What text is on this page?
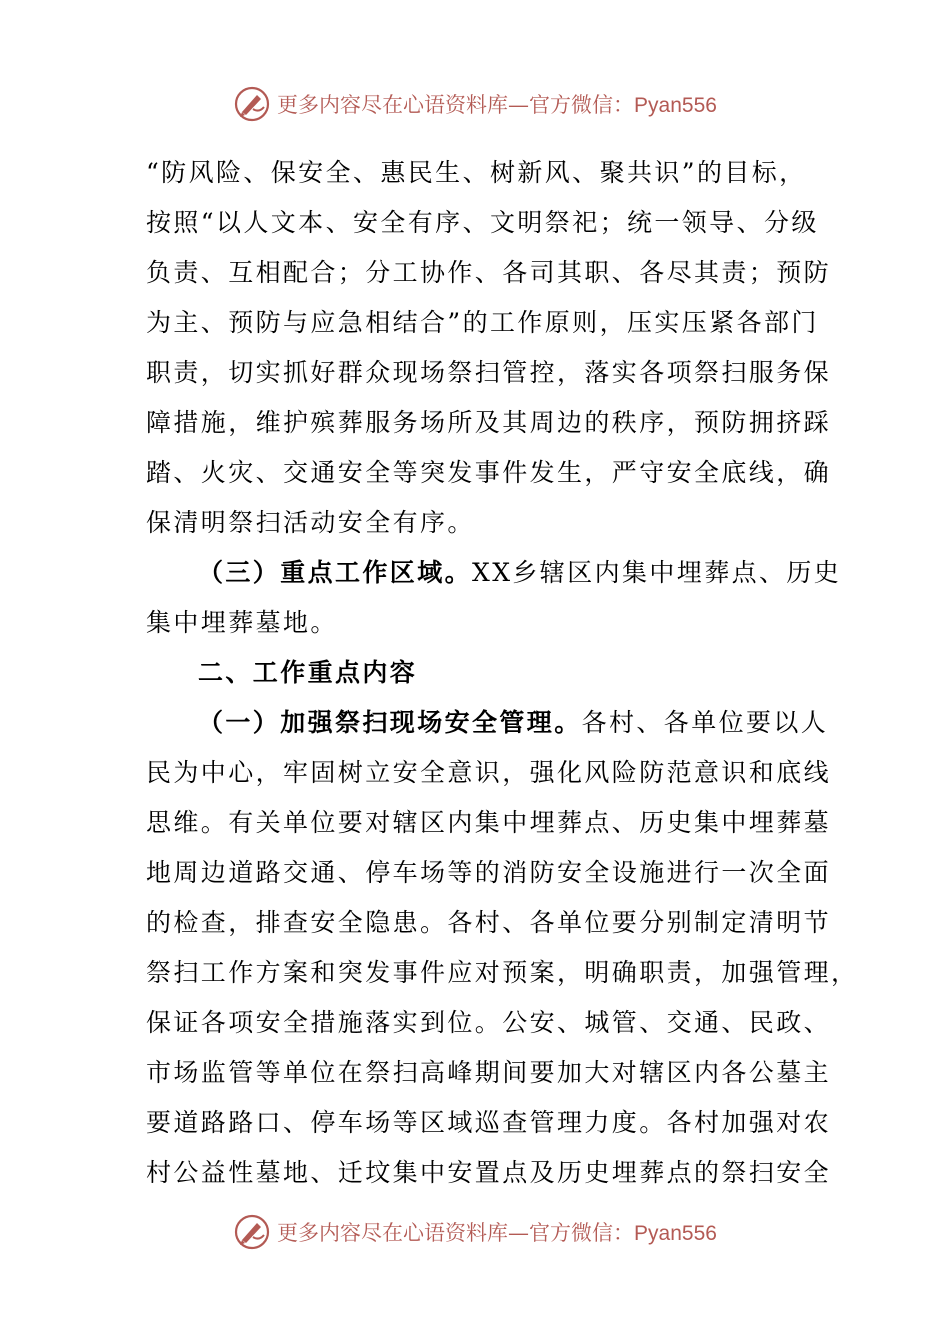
更多内容尽在心语资料库—官方微信：Pyan556
“防风险、保安全、惠民生、树新风、聚共识”的目标，
按照“以人文本、安全有序、文明祭祀；统一领导、分级
负责、互相配合；分工协作、各司其职、各尽其责；预防
为主、预防与应急相结合”的工作原则，压实压紧各部门
职责，切实抓好群众现场祭扫管控，落实各项祭扫服务保
障措施，维护殡葬服务场所及其周边的秩序，预防拥挤踩
踏、火灾、交通安全等突发事件发生，严守安全底线，确
保清明祭扫活动安全有序。
（三）重点工作区域。XX乡辖区内集中埋葬点、历史
集中埋葬墓地。
二、工作重点内容
（一）加强祭扫现场安全管理。各村、各单位要以人
民为中心，牢固树立安全意识，强化风险防范意识和底线
思维。有关单位要对辖区内集中埋葬点、历史集中埋葬墓
地周边道路交通、停车场等的消防安全设施进行一次全面
的检查，排查安全隐患。各村、各单位要分别制定清明节
祭扫工作方案和突发事件应对预案，明确职责，加强管理，
保证各项安全措施落实到位。公安、城管、交通、民政、
市场监管等单位在祭扫高峰期间要加大对辖区内各公墓主
要道路路口、停车场等区域巡查管理力度。各村加强对农
村公益性墓地、迁坟集中安置点及历史埋葬点的祭扫安全
更多内容尽在心语资料库—官方微信：Pyan556
